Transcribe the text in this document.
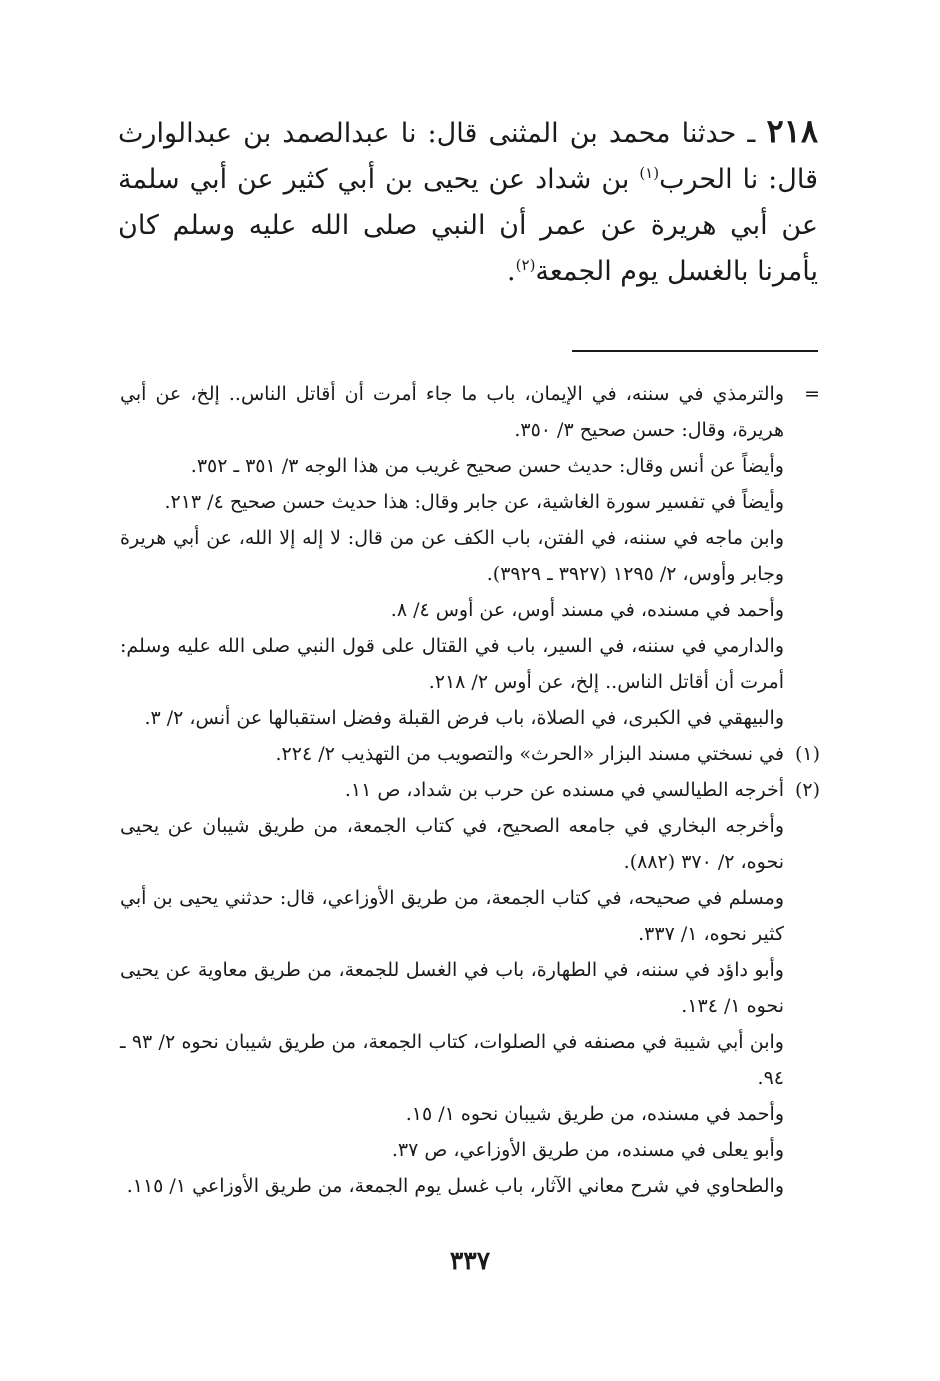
٢١٨ ـ حدثنا محمد بن المثنى قال: نا عبدالصمد بن عبدالوارث قال: نا الحرب$^{(١)}$ بن شداد عن يحيى بن أبي كثير عن أبي سلمة عن أبي هريرة عن عمر أن النبي صلى الله عليه وسلم كان يأمرنا بالغسل يوم الجمعة$^{(٢)}$.

=
والترمذي في سننه، في الإيمان، باب ما جاء أمرت أن أقاتل الناس.. إلخ، عن أبي هريرة، وقال: حسن صحيح ٣/ ٣٥٠.
وأيضاً عن أنس وقال: حديث حسن صحيح غريب من هذا الوجه ٣/ ٣٥١ ـ ٣٥٢.
وأيضاً في تفسير سورة الغاشية، عن جابر وقال: هذا حديث حسن صحيح ٤/ ٢١٣.
وابن ماجه في سننه، في الفتن، باب الكف عن من قال: لا إله إلا الله، عن أبي هريرة وجابر وأوس، ٢/ ١٢٩٥ (٣٩٢٧ ـ ٣٩٢٩).
وأحمد في مسنده، في مسند أوس، عن أوس ٤/ ٨.
والدارمي في سننه، في السير، باب في القتال على قول النبي صلى الله عليه وسلم: أمرت أن أقاتل الناس.. إلخ، عن أوس ٢/ ٢١٨.
والبيهقي في الكبرى، في الصلاة، باب فرض القبلة وفضل استقبالها عن أنس، ٢/ ٣.
(١)
في نسختي مسند البزار «الحرث» والتصويب من التهذيب ٢/ ٢٢٤.
(٢)
أخرجه الطيالسي في مسنده عن حرب بن شداد، ص ١١.
وأخرجه البخاري في جامعه الصحيح، في كتاب الجمعة، من طريق شيبان عن يحيى نحوه، ٢/ ٣٧٠ (٨٨٢).
ومسلم في صحيحه، في كتاب الجمعة، من طريق الأوزاعي، قال: حدثني يحيى بن أبي كثير نحوه، ١/ ٣٣٧.
وأبو داؤد في سننه، في الطهارة، باب في الغسل للجمعة، من طريق معاوية عن يحيى نحوه ١/ ١٣٤.
وابن أبي شيبة في مصنفه في الصلوات، كتاب الجمعة، من طريق شيبان نحوه ٢/ ٩٣ ـ ٩٤.
وأحمد في مسنده، من طريق شيبان نحوه ١/ ١٥.
وأبو يعلى في مسنده، من طريق الأوزاعي، ص ٣٧.
والطحاوي في شرح معاني الآثار، باب غسل يوم الجمعة، من طريق الأوزاعي ١/ ١١٥.
٣٣٧
